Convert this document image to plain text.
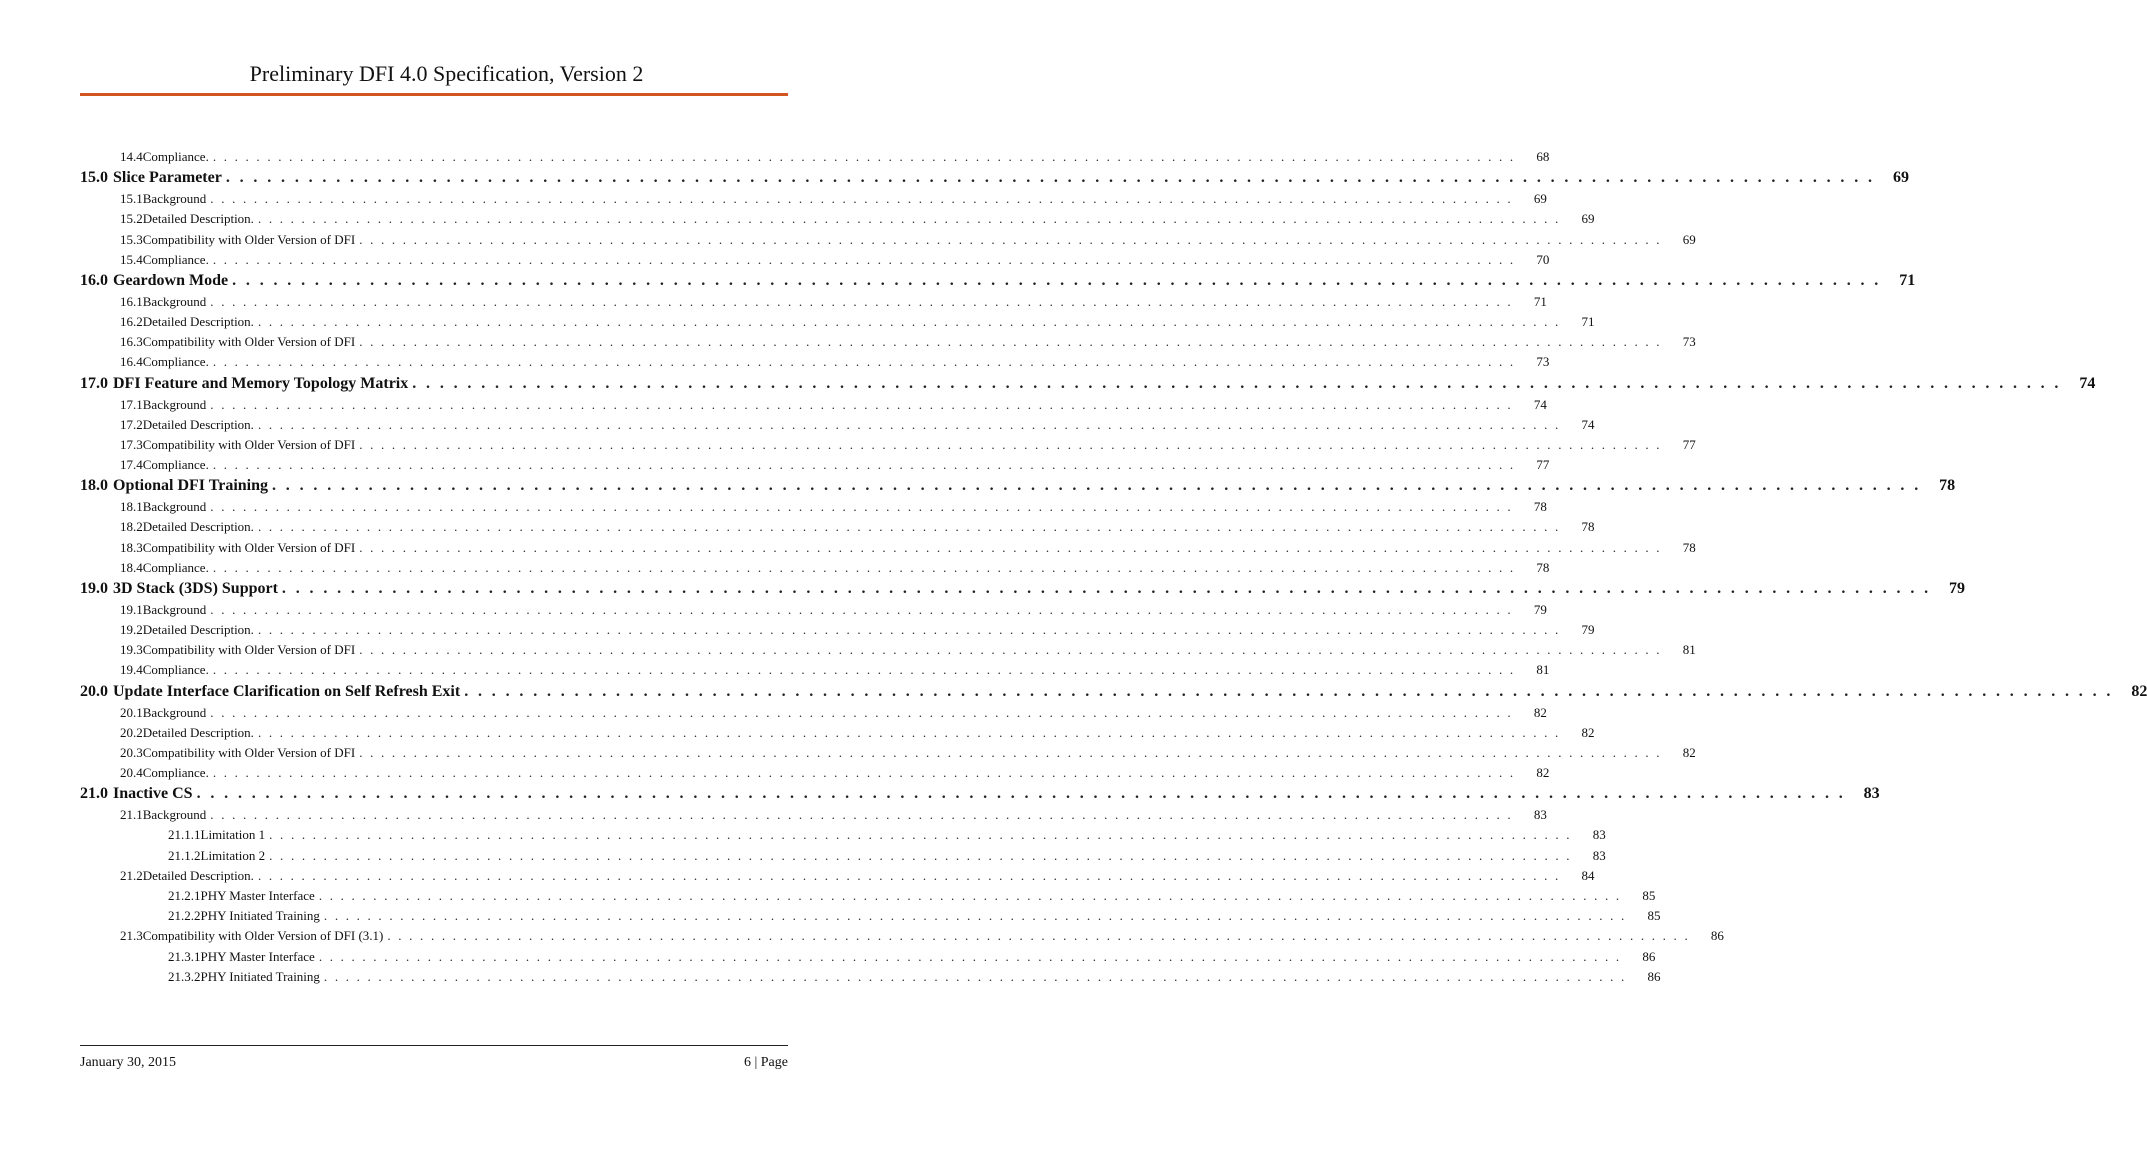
Preliminary DFI 4.0 Specification, Version 2
14.4 Compliance. . . . . . . . . . . . . . . . . . . . . . . . . . . . . . . . . . . . . . . . . . . . . . . . . . . . . . . . . . . . . . . . . . . . . . . . . . . . . . . . . . . . . . . . . . . . . . . . . . . . . . . . . . . . . . . . . . . . . . . . .	68
15.0 Slice Parameter . . . . . . . . . . . . . . . . . . . . . . . . . . . . . . . . . . . . . . . . . . . . . . . . . . . . . . . . . . . . . . . . . . . . . . . . . . . . . . . . . . . . . . . . . . . . . . . . . . . . . . . . . . . . . . . . . . . . . . . . 69
15.1 Background . . . . . . . . . . . . . . . . . . . . . . . . . . . . . . . . . . . . . . . . . . . . . . . . . . . . . . . . . . . . . . . . . . . . . . . . . . . . . . . . . . . . . . . . . . . . . . . . . . . . . . . . . . . . . . . . . . . . . . . .	69
15.2 Detailed Description. . . . . . . . . . . . . . . . . . . . . . . . . . . . . . . . . . . . . . . . . . . . . . . . . . . . . . . . . . . . . . . . . . . . . . . . . . . . . . . . . . . . . . . . . . . . . . . . . . . . . . . . . . . . . . . . . . . . . . . . .	69
15.3 Compatibility with Older Version of DFI . . . . . . . . . . . . . . . . . . . . . . . . . . . . . . . . . . . . . . . . . . . . . . . . . . . . . . . . . . . . . . . . . . . . . . . . . . . . . . . . . . . . . . . . . . . . . . . . . . . . . . . . . . . . . . . . . . . . . . . .	69
15.4 Compliance. . . . . . . . . . . . . . . . . . . . . . . . . . . . . . . . . . . . . . . . . . . . . . . . . . . . . . . . . . . . . . . . . . . . . . . . . . . . . . . . . . . . . . . . . . . . . . . . . . . . . . . . . . . . . . . . . . . . . . . . .	70
16.0 Geardown Mode . . . . . . . . . . . . . . . . . . . . . . . . . . . . . . . . . . . . . . . . . . . . . . . . . . . . . . . . . . . . . . . . . . . . . . . . . . . . . . . . . . . . . . . . . . . . . . . . . . . . . . . . . . . . . . . . . . . . . . . . 71
16.1 Background . . . . . . . . . . . . . . . . . . . . . . . . . . . . . . . . . . . . . . . . . . . . . . . . . . . . . . . . . . . . . . . . . . . . . . . . . . . . . . . . . . . . . . . . . . . . . . . . . . . . . . . . . . . . . . . . . . . . . . . .	71
16.2 Detailed Description. . . . . . . . . . . . . . . . . . . . . . . . . . . . . . . . . . . . . . . . . . . . . . . . . . . . . . . . . . . . . . . . . . . . . . . . . . . . . . . . . . . . . . . . . . . . . . . . . . . . . . . . . . . . . . . . . . . . . . . . .	71
16.3 Compatibility with Older Version of DFI . . . . . . . . . . . . . . . . . . . . . . . . . . . . . . . . . . . . . . . . . . . . . . . . . . . . . . . . . . . . . . . . . . . . . . . . . . . . . . . . . . . . . . . . . . . . . . . . . . . . . . . . . . . . . . . . . . . . . . . .	73
16.4 Compliance. . . . . . . . . . . . . . . . . . . . . . . . . . . . . . . . . . . . . . . . . . . . . . . . . . . . . . . . . . . . . . . . . . . . . . . . . . . . . . . . . . . . . . . . . . . . . . . . . . . . . . . . . . . . . . . . . . . . . . . . .	73
17.0 DFI Feature and Memory Topology Matrix . . . . . . . . . . . . . . . . . . . . . . . . . . . . . . . . . . . . . . . . . . . . . . . . . . . . . . . . . . . . . . . . . . . . . . . . . . . . . . . . . . . . . . . . . . . . . . . . . . . . . . . . . . . . . . . . . . . . . . . . 74
17.1 Background . . . . . . . . . . . . . . . . . . . . . . . . . . . . . . . . . . . . . . . . . . . . . . . . . . . . . . . . . . . . . . . . . . . . . . . . . . . . . . . . . . . . . . . . . . . . . . . . . . . . . . . . . . . . . . . . . . . . . . . .	74
17.2 Detailed Description. . . . . . . . . . . . . . . . . . . . . . . . . . . . . . . . . . . . . . . . . . . . . . . . . . . . . . . . . . . . . . . . . . . . . . . . . . . . . . . . . . . . . . . . . . . . . . . . . . . . . . . . . . . . . . . . . . . . . . . . .	74
17.3 Compatibility with Older Version of DFI . . . . . . . . . . . . . . . . . . . . . . . . . . . . . . . . . . . . . . . . . . . . . . . . . . . . . . . . . . . . . . . . . . . . . . . . . . . . . . . . . . . . . . . . . . . . . . . . . . . . . . . . . . . . . . . . . . . . . . . .	77
17.4 Compliance. . . . . . . . . . . . . . . . . . . . . . . . . . . . . . . . . . . . . . . . . . . . . . . . . . . . . . . . . . . . . . . . . . . . . . . . . . . . . . . . . . . . . . . . . . . . . . . . . . . . . . . . . . . . . . . . . . . . . . . . .	77
18.0 Optional DFI Training . . . . . . . . . . . . . . . . . . . . . . . . . . . . . . . . . . . . . . . . . . . . . . . . . . . . . . . . . . . . . . . . . . . . . . . . . . . . . . . . . . . . . . . . . . . . . . . . . . . . . . . . . . . . . . . . . . . . . . . . 78
18.1 Background . . . . . . . . . . . . . . . . . . . . . . . . . . . . . . . . . . . . . . . . . . . . . . . . . . . . . . . . . . . . . . . . . . . . . . . . . . . . . . . . . . . . . . . . . . . . . . . . . . . . . . . . . . . . . . . . . . . . . . . .	78
18.2 Detailed Description. . . . . . . . . . . . . . . . . . . . . . . . . . . . . . . . . . . . . . . . . . . . . . . . . . . . . . . . . . . . . . . . . . . . . . . . . . . . . . . . . . . . . . . . . . . . . . . . . . . . . . . . . . . . . . . . . . . . . . . . .	78
18.3 Compatibility with Older Version of DFI . . . . . . . . . . . . . . . . . . . . . . . . . . . . . . . . . . . . . . . . . . . . . . . . . . . . . . . . . . . . . . . . . . . . . . . . . . . . . . . . . . . . . . . . . . . . . . . . . . . . . . . . . . . . . . . . . . . . . . . .	78
18.4 Compliance. . . . . . . . . . . . . . . . . . . . . . . . . . . . . . . . . . . . . . . . . . . . . . . . . . . . . . . . . . . . . . . . . . . . . . . . . . . . . . . . . . . . . . . . . . . . . . . . . . . . . . . . . . . . . . . . . . . . . . . . .	78
19.0 3D Stack (3DS) Support . . . . . . . . . . . . . . . . . . . . . . . . . . . . . . . . . . . . . . . . . . . . . . . . . . . . . . . . . . . . . . . . . . . . . . . . . . . . . . . . . . . . . . . . . . . . . . . . . . . . . . . . . . . . . . . . . . . . . . . . 79
19.1 Background . . . . . . . . . . . . . . . . . . . . . . . . . . . . . . . . . . . . . . . . . . . . . . . . . . . . . . . . . . . . . . . . . . . . . . . . . . . . . . . . . . . . . . . . . . . . . . . . . . . . . . . . . . . . . . . . . . . . . . . .	79
19.2 Detailed Description. . . . . . . . . . . . . . . . . . . . . . . . . . . . . . . . . . . . . . . . . . . . . . . . . . . . . . . . . . . . . . . . . . . . . . . . . . . . . . . . . . . . . . . . . . . . . . . . . . . . . . . . . . . . . . . . . . . . . . . . .	79
19.3 Compatibility with Older Version of DFI . . . . . . . . . . . . . . . . . . . . . . . . . . . . . . . . . . . . . . . . . . . . . . . . . . . . . . . . . . . . . . . . . . . . . . . . . . . . . . . . . . . . . . . . . . . . . . . . . . . . . . . . . . . . . . . . . . . . . . . .	81
19.4 Compliance. . . . . . . . . . . . . . . . . . . . . . . . . . . . . . . . . . . . . . . . . . . . . . . . . . . . . . . . . . . . . . . . . . . . . . . . . . . . . . . . . . . . . . . . . . . . . . . . . . . . . . . . . . . . . . . . . . . . . . . . .	81
20.0 Update Interface Clarification on Self Refresh Exit . . . . . . . . . . . . . . . . . . . . . . . . . . . . . . . . . . . . . . . . . . . . . . . . . . . . . . . . . . . . . . . . . . . . . . . . . . . . . . . . . . . . . . . . . . . . . . . . . . . . . . . . . . . . . . . . . . . . . . . . 82
20.1 Background . . . . . . . . . . . . . . . . . . . . . . . . . . . . . . . . . . . . . . . . . . . . . . . . . . . . . . . . . . . . . . . . . . . . . . . . . . . . . . . . . . . . . . . . . . . . . . . . . . . . . . . . . . . . . . . . . . . . . . . .	82
20.2 Detailed Description. . . . . . . . . . . . . . . . . . . . . . . . . . . . . . . . . . . . . . . . . . . . . . . . . . . . . . . . . . . . . . . . . . . . . . . . . . . . . . . . . . . . . . . . . . . . . . . . . . . . . . . . . . . . . . . . . . . . . . . . .	82
20.3 Compatibility with Older Version of DFI . . . . . . . . . . . . . . . . . . . . . . . . . . . . . . . . . . . . . . . . . . . . . . . . . . . . . . . . . . . . . . . . . . . . . . . . . . . . . . . . . . . . . . . . . . . . . . . . . . . . . . . . . . . . . . . . . . . . . . . .	82
20.4 Compliance. . . . . . . . . . . . . . . . . . . . . . . . . . . . . . . . . . . . . . . . . . . . . . . . . . . . . . . . . . . . . . . . . . . . . . . . . . . . . . . . . . . . . . . . . . . . . . . . . . . . . . . . . . . . . . . . . . . . . . . . .	82
21.0 Inactive CS . . . . . . . . . . . . . . . . . . . . . . . . . . . . . . . . . . . . . . . . . . . . . . . . . . . . . . . . . . . . . . . . . . . . . . . . . . . . . . . . . . . . . . . . . . . . . . . . . . . . . . . . . . . . . . . . . . . . . . . . 83
21.1 Background . . . . . . . . . . . . . . . . . . . . . . . . . . . . . . . . . . . . . . . . . . . . . . . . . . . . . . . . . . . . . . . . . . . . . . . . . . . . . . . . . . . . . . . . . . . . . . . . . . . . . . . . . . . . . . . . . . . . . . . .	83
21.1.1 Limitation 1 . . . . . . . . . . . . . . . . . . . . . . . . . . . . . . . . . . . . . . . . . . . . . . . . . . . . . . . . . . . . . . . . . . . . . . . . . . . . . . . . . . . . . . . . . . . . . . . . . . . . . . . . . . . . . . . . . . . . . . . .	83
21.1.2 Limitation 2 . . . . . . . . . . . . . . . . . . . . . . . . . . . . . . . . . . . . . . . . . . . . . . . . . . . . . . . . . . . . . . . . . . . . . . . . . . . . . . . . . . . . . . . . . . . . . . . . . . . . . . . . . . . . . . . . . . . . . . . .	83
21.2 Detailed Description. . . . . . . . . . . . . . . . . . . . . . . . . . . . . . . . . . . . . . . . . . . . . . . . . . . . . . . . . . . . . . . . . . . . . . . . . . . . . . . . . . . . . . . . . . . . . . . . . . . . . . . . . . . . . . . . . . . . . . . . .	84
21.2.1 PHY Master Interface . . . . . . . . . . . . . . . . . . . . . . . . . . . . . . . . . . . . . . . . . . . . . . . . . . . . . . . . . . . . . . . . . . . . . . . . . . . . . . . . . . . . . . . . . . . . . . . . . . . . . . . . . . . . . . . . . . . . . . . .	85
21.2.2 PHY Initiated Training . . . . . . . . . . . . . . . . . . . . . . . . . . . . . . . . . . . . . . . . . . . . . . . . . . . . . . . . . . . . . . . . . . . . . . . . . . . . . . . . . . . . . . . . . . . . . . . . . . . . . . . . . . . . . . . . . . . . . . . .	85
21.3 Compatibility with Older Version of DFI (3.1) . . . . . . . . . . . . . . . . . . . . . . . . . . . . . . . . . . . . . . . . . . . . . . . . . . . . . . . . . . . . . . . . . . . . . . . . . . . . . . . . . . . . . . . . . . . . . . . . . . . . . . . . . . . . . . . . . . . . . . . .	86
21.3.1 PHY Master Interface . . . . . . . . . . . . . . . . . . . . . . . . . . . . . . . . . . . . . . . . . . . . . . . . . . . . . . . . . . . . . . . . . . . . . . . . . . . . . . . . . . . . . . . . . . . . . . . . . . . . . . . . . . . . . . . . . . . . . . . .	86
21.3.2 PHY Initiated Training . . . . . . . . . . . . . . . . . . . . . . . . . . . . . . . . . . . . . . . . . . . . . . . . . . . . . . . . . . . . . . . . . . . . . . . . . . . . . . . . . . . . . . . . . . . . . . . . . . . . . . . . . . . . . . . . . . . . . . . .	86
January 30, 2015	6 | Page
